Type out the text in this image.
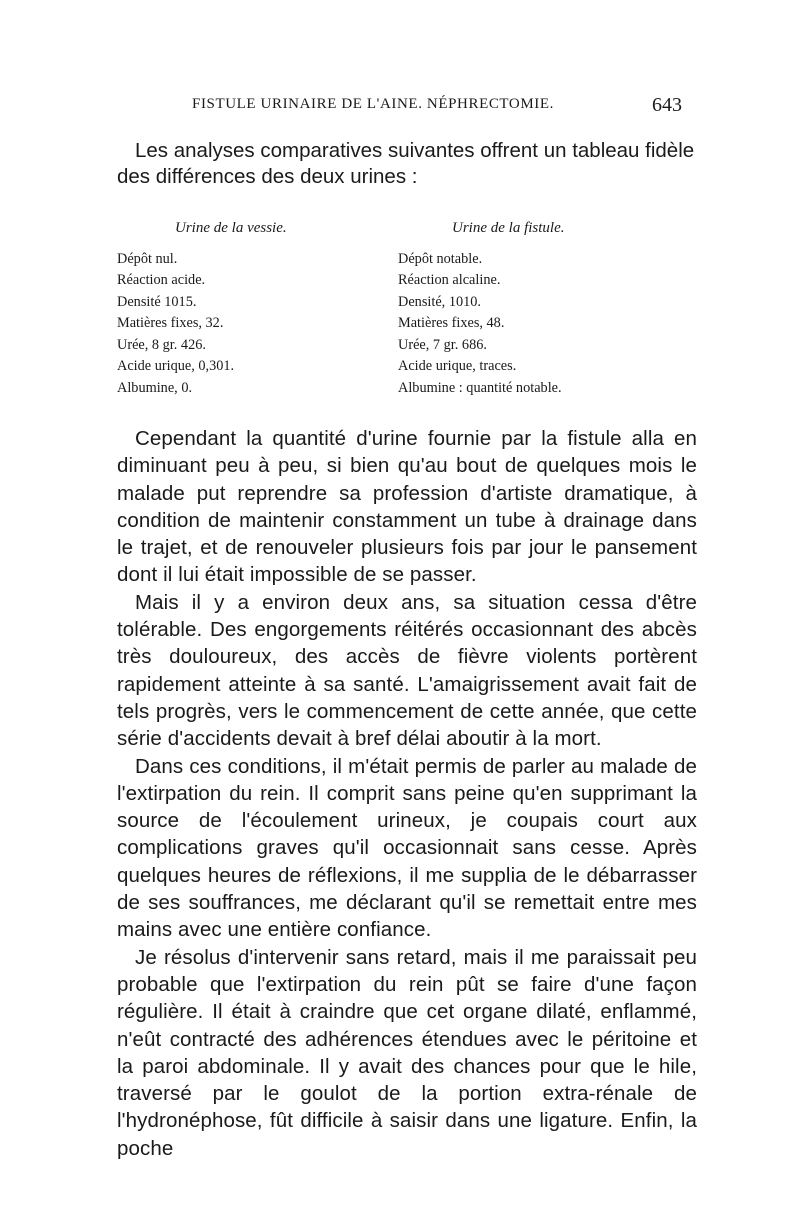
FISTULE URINAIRE DE L'AINE. NÉPHRECTOMIE.	643

Les analyses comparatives suivantes offrent un tableau fidèle des différences des deux urines :

Urine de la vessie.
Dépôt nul.
Réaction acide.
Densité 1015.
Matières fixes, 32.
Urée, 8 gr. 426.
Acide urique, 0,301.
Albumine, 0.
Urine de la fistule.
Dépôt notable.
Réaction alcaline.
Densité, 1010.
Matières fixes, 48.
Urée, 7 gr. 686.
Acide urique, traces.
Albumine : quantité notable.

Cependant la quantité d'urine fournie par la fistule alla en diminuant peu à peu, si bien qu'au bout de quelques mois le malade put reprendre sa profession d'artiste dramatique, à condition de maintenir constamment un tube à drainage dans le trajet, et de renouveler plusieurs fois par jour le pansement dont il lui était impossible de se passer.

Mais il y a environ deux ans, sa situation cessa d'être tolérable. Des engorgements réitérés occasionnant des abcès très douloureux, des accès de fièvre violents portèrent rapidement atteinte à sa santé. L'amaigrissement avait fait de tels progrès, vers le commencement de cette année, que cette série d'accidents devait à bref délai aboutir à la mort.

Dans ces conditions, il m'était permis de parler au malade de l'extirpation du rein. Il comprit sans peine qu'en supprimant la source de l'écoulement urineux, je coupais court aux complications graves qu'il occasionnait sans cesse. Après quelques heures de réflexions, il me supplia de le débarrasser de ses souffrances, me déclarant qu'il se remettait entre mes mains avec une entière confiance.

Je résolus d'intervenir sans retard, mais il me paraissait peu probable que l'extirpation du rein pût se faire d'une façon régulière. Il était à craindre que cet organe dilaté, enflammé, n'eût contracté des adhérences étendues avec le péritoine et la paroi abdominale. Il y avait des chances pour que le hile, traversé par le goulot de la portion extra-rénale de l'hydronéphose, fût difficile à saisir dans une ligature. Enfin, la poche
